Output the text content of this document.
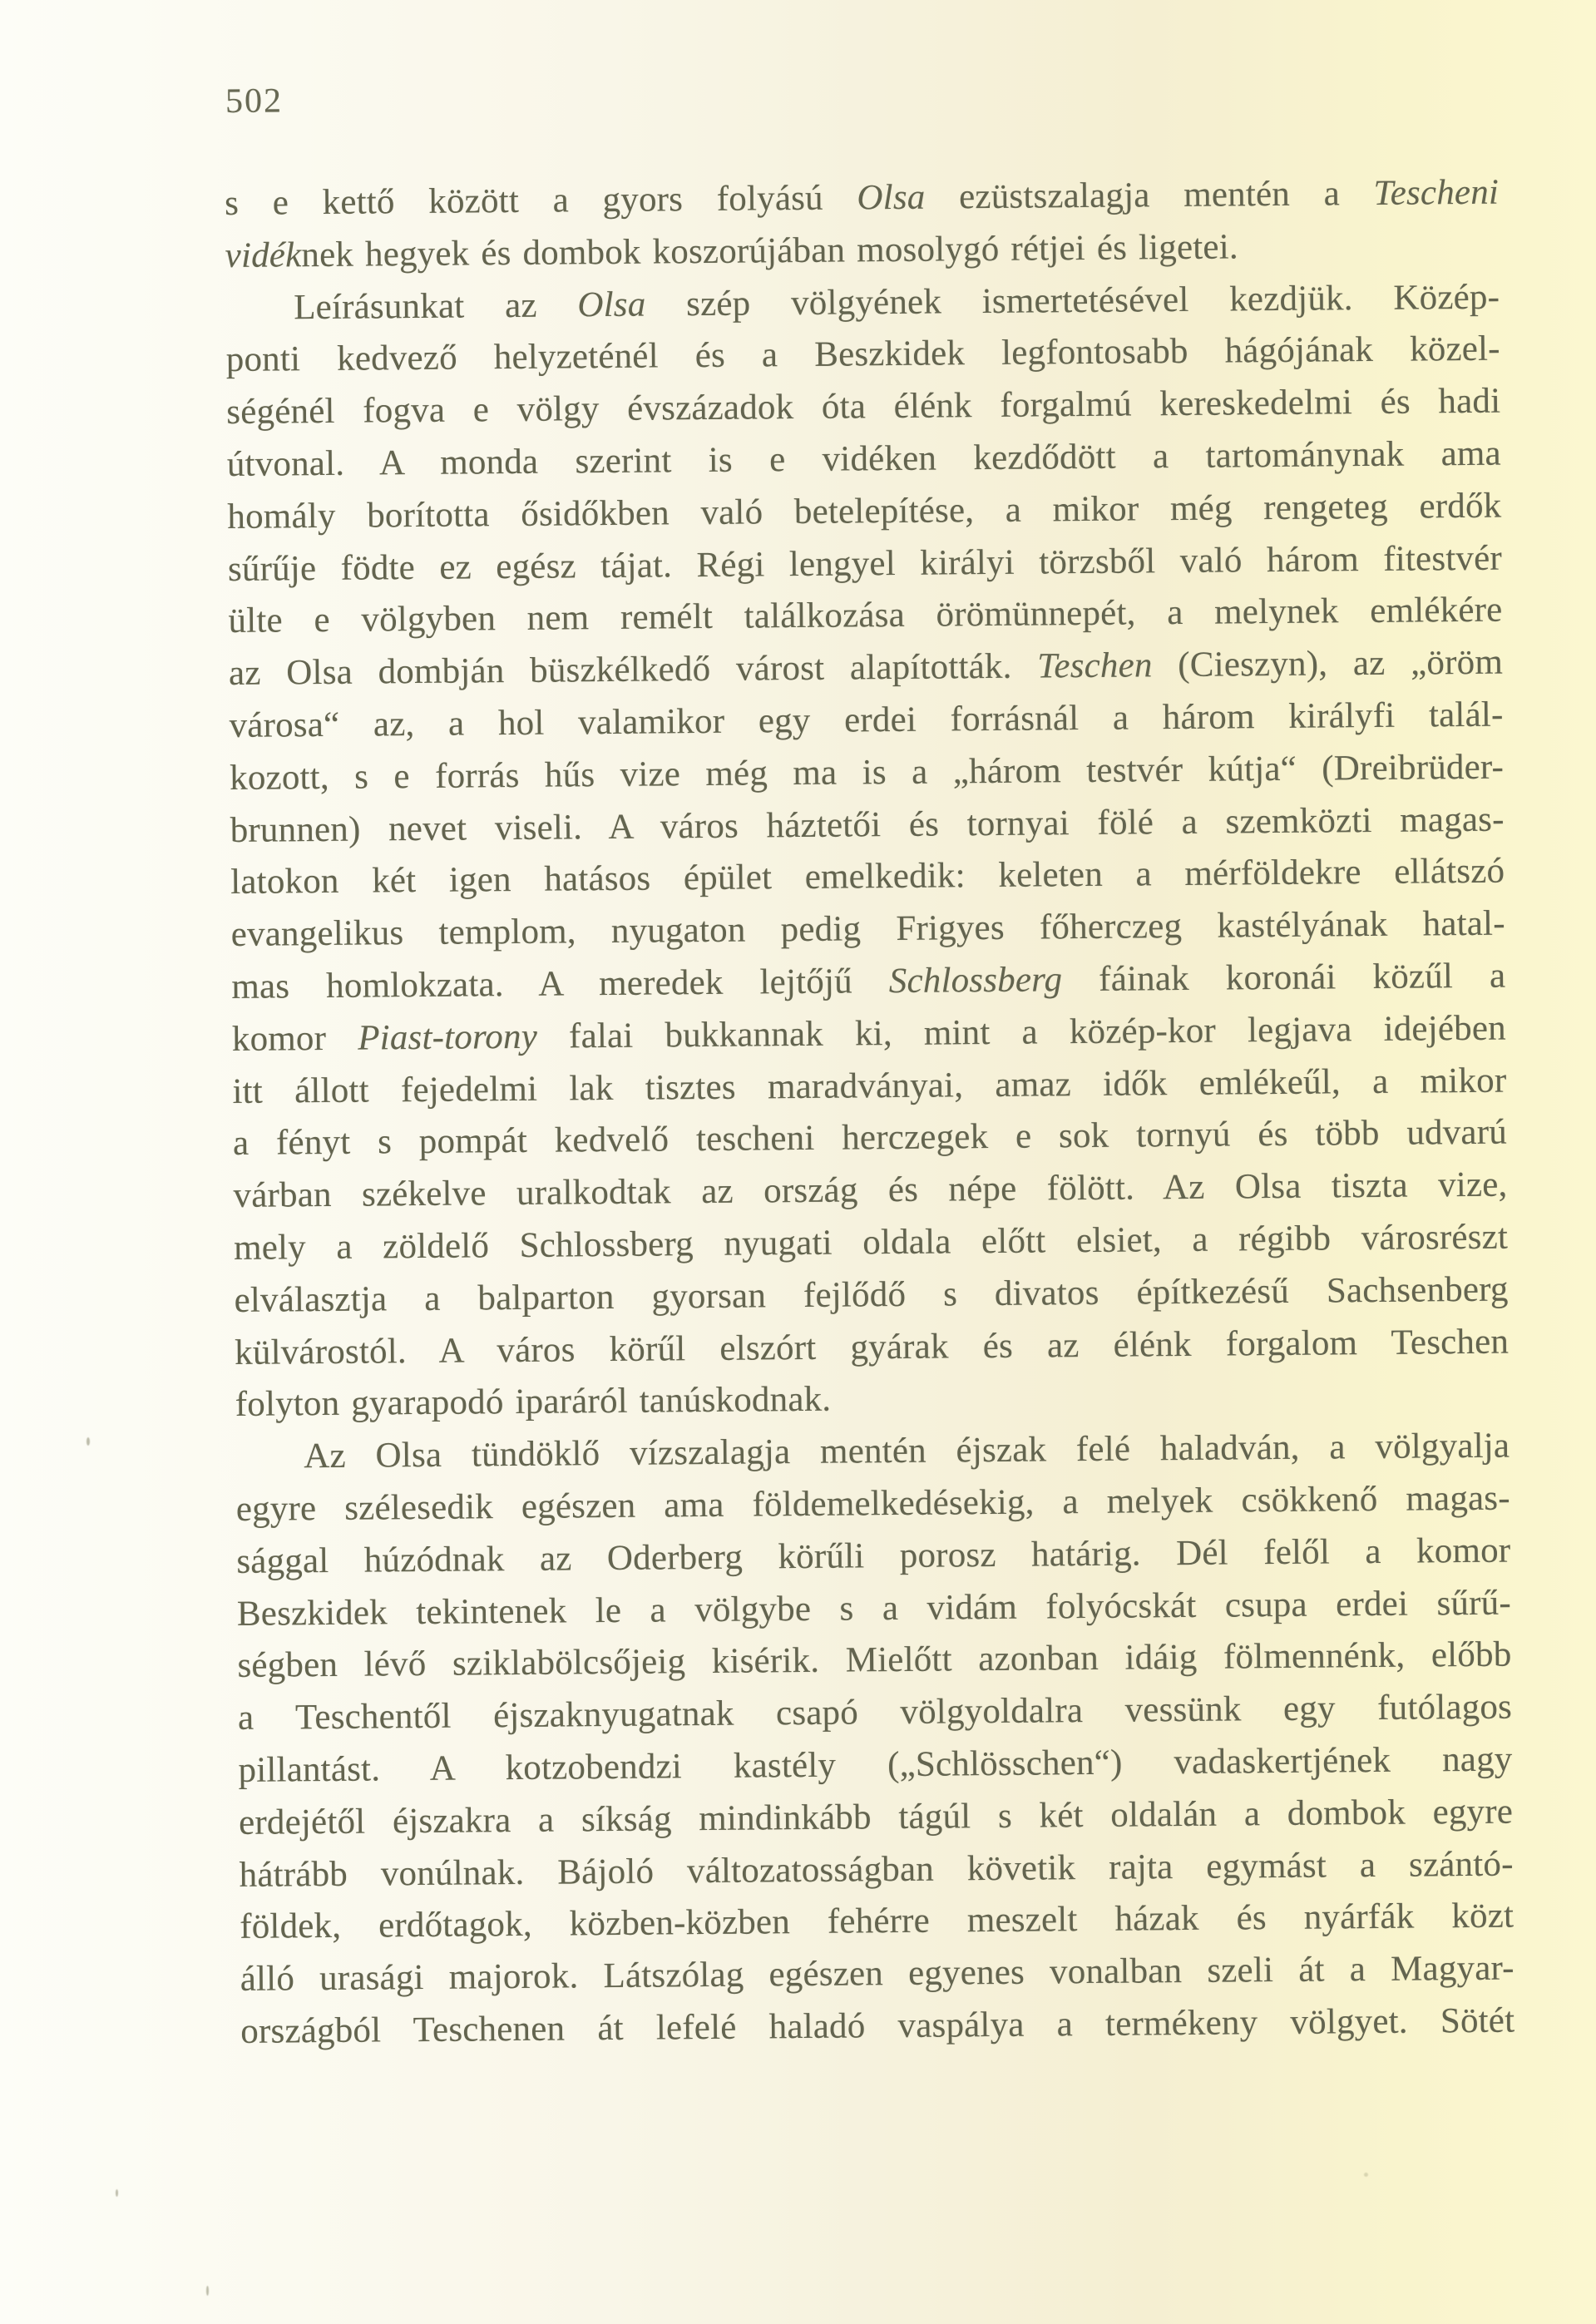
502
s e kettő között a gyors folyású Olsa ezüstszalagja mentén a Tescheni
vidéknek hegyek és dombok koszorújában mosolygó rétjei és ligetei.
Leírásunkat az Olsa szép völgyének ismertetésével kezdjük. Közép-
ponti kedvező helyzeténél és a Beszkidek legfontosabb hágójának közel-
ségénél fogva e völgy évszázadok óta élénk forgalmú kereskedelmi és hadi
útvonal. A monda szerint is e vidéken kezdődött a tartománynak ama
homály borította ősidőkben való betelepítése, a mikor még rengeteg erdők
sűrűje födte ez egész tájat. Régi lengyel királyi törzsből való három fitestvér
ülte e völgyben nem remélt találkozása örömünnepét, a melynek emlékére
az Olsa dombján büszkélkedő várost alapították. Teschen (Cieszyn), az „öröm
városa“ az, a hol valamikor egy erdei forrásnál a három királyfi talál-
kozott, s e forrás hűs vize még ma is a „három testvér kútja“ (Dreibrüder-
brunnen) nevet viseli. A város háztetői és tornyai fölé a szemközti magas-
latokon két igen hatásos épület emelkedik: keleten a mérföldekre ellátszó
evangelikus templom, nyugaton pedig Frigyes főherczeg kastélyának hatal-
mas homlokzata. A meredek lejtőjű Schlossberg fáinak koronái közűl a
komor Piast-torony falai bukkannak ki, mint a közép-kor legjava idejében
itt állott fejedelmi lak tisztes maradványai, amaz idők emlékeűl, a mikor
a fényt s pompát kedvelő tescheni herczegek e sok tornyú és több udvarú
várban székelve uralkodtak az ország és népe fölött. Az Olsa tiszta vize,
mely a zöldelő Schlossberg nyugati oldala előtt elsiet, a régibb városrészt
elválasztja a balparton gyorsan fejlődő s divatos építkezésű Sachsenberg
külvárostól. A város körűl elszórt gyárak és az élénk forgalom Teschen
folyton gyarapodó iparáról tanúskodnak.
Az Olsa tündöklő vízszalagja mentén éjszak felé haladván, a völgyalja
egyre szélesedik egészen ama földemelkedésekig, a melyek csökkenő magas-
sággal húzódnak az Oderberg körűli porosz határig. Dél felől a komor
Beszkidek tekintenek le a völgybe s a vidám folyócskát csupa erdei sűrű-
ségben lévő sziklabölcsőjeig kisérik. Mielőtt azonban idáig fölmennénk, előbb
a Teschentől éjszaknyugatnak csapó völgyoldalra vessünk egy futólagos
pillantást. A kotzobendzi kastély („Schlösschen“) vadaskertjének nagy
erdejétől éjszakra a síkság mindinkább tágúl s két oldalán a dombok egyre
hátrább vonúlnak. Bájoló változatosságban követik rajta egymást a szántó-
földek, erdőtagok, közben-közben fehérre meszelt házak és nyárfák közt
álló urasági majorok. Látszólag egészen egyenes vonalban szeli át a Magyar-
országból Teschenen át lefelé haladó vaspálya a termékeny völgyet. Sötét
